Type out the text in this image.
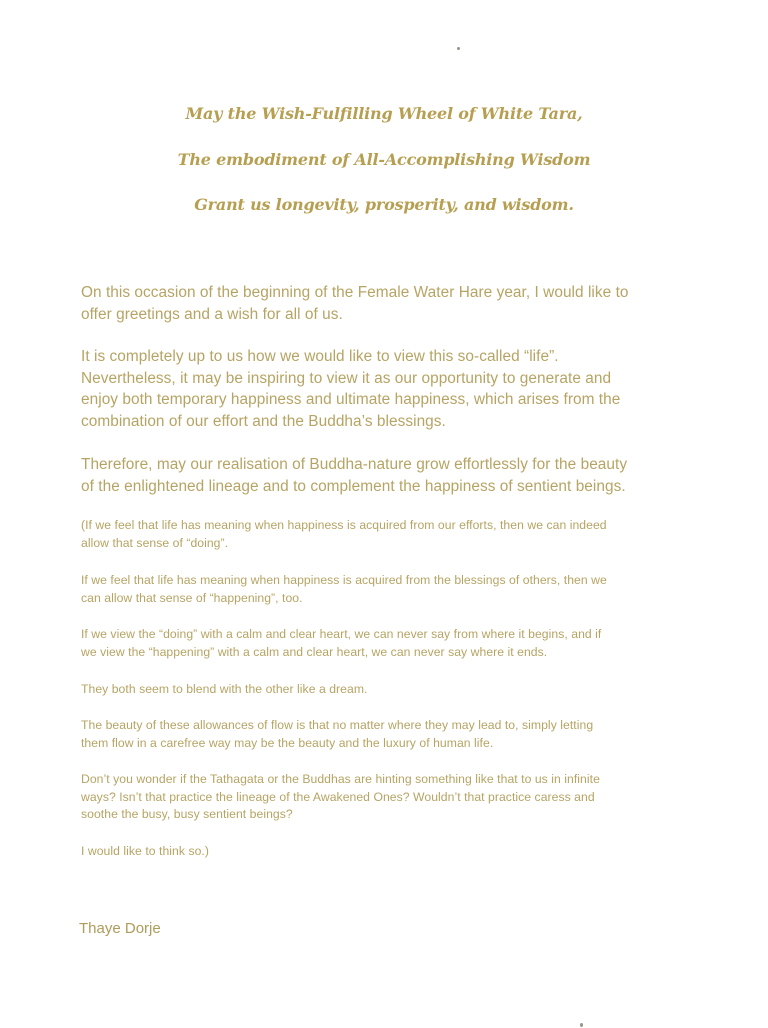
May the Wish-Fulfilling Wheel of White Tara,
The embodiment of All-Accomplishing Wisdom
Grant us longevity, prosperity, and wisdom.
On this occasion of the beginning of the Female Water Hare year, I would like to
offer greetings and a wish for all of us.
It is completely up to us how we would like to view this so-called “life”.
Nevertheless, it may be inspiring to view it as our opportunity to generate and
enjoy both temporary happiness and ultimate happiness, which arises from the
combination of our effort and the Buddha’s blessings.
Therefore, may our realisation of Buddha-nature grow effortlessly for the beauty
of the enlightened lineage and to complement the happiness of sentient beings.
(If we feel that life has meaning when happiness is acquired from our efforts, then we can indeed
allow that sense of “doing”.
If we feel that life has meaning when happiness is acquired from the blessings of others, then we
can allow that sense of “happening”, too.
If we view the “doing” with a calm and clear heart, we can never say from where it begins, and if
we view the “happening” with a calm and clear heart, we can never say where it ends.
They both seem to blend with the other like a dream.
The beauty of these allowances of flow is that no matter where they may lead to, simply letting
them flow in a carefree way may be the beauty and the luxury of human life.
Don’t you wonder if the Tathagata or the Buddhas are hinting something like that to us in infinite
ways? Isn’t that practice the lineage of the Awakened Ones? Wouldn’t that practice caress and
soothe the busy, busy sentient beings?
I would like to think so.)
Thaye Dorje
